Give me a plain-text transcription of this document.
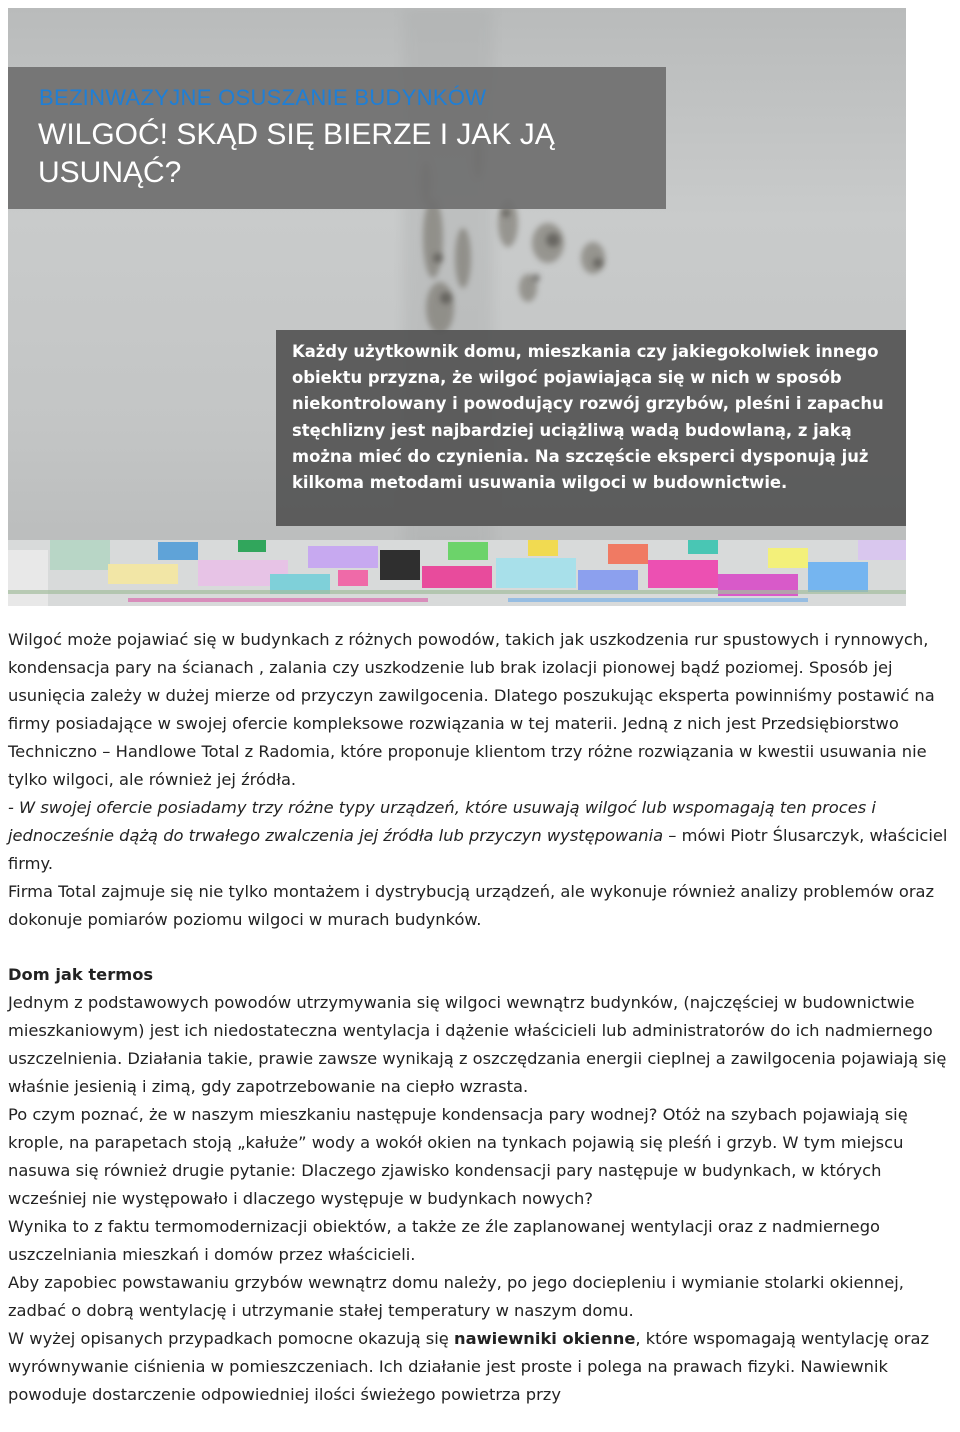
BEZINWAZYJNE OSUSZANIE BUDYNKÓW
WILGOĆ! SKĄD SIĘ BIERZE I JAK JĄ USUNĄĆ?
Każdy użytkownik domu, mieszkania czy jakiegokolwiek innego obiektu przyzna, że wilgoć pojawiająca się w nich w sposób niekontrolowany i powodujący rozwój grzybów, pleśni i zapachu stęchlizny jest najbardziej uciążliwą wadą budowlaną, z jaką można mieć do czynienia. Na szczęście eksperci dysponują już kilkoma metodami usuwania wilgoci w budownictwie.

Wilgoć może pojawiać się w budynkach z różnych powodów, takich jak uszkodzenia rur spustowych i rynnowych, kondensacja pary na ścianach , zalania czy uszkodzenie lub brak izolacji pionowej bądź poziomej. Sposób jej usunięcia zależy w dużej mierze od przyczyn zawilgocenia. Dlatego poszukując eksperta powinniśmy postawić na firmy posiadające w swojej ofercie kompleksowe rozwiązania w tej materii. Jedną z nich jest Przedsiębiorstwo Techniczno – Handlowe Total z Radomia, które proponuje klientom trzy różne rozwiązania w kwestii usuwania nie tylko wilgoci, ale również jej źródła.

- W swojej ofercie posiadamy trzy różne typy urządzeń, które usuwają wilgoć lub wspomagają ten proces i jednocześnie dążą do trwałego zwalczenia jej źródła lub przyczyn występowania – mówi Piotr Ślusarczyk, właściciel firmy.

Firma Total zajmuje się nie tylko montażem i dystrybucją urządzeń, ale wykonuje również analizy problemów oraz dokonuje pomiarów poziomu wilgoci w murach budynków.

Dom jak termos

Jednym z podstawowych powodów utrzymywania się wilgoci wewnątrz budynków, (najczęściej w budownictwie mieszkaniowym) jest ich niedostateczna wentylacja i dążenie właścicieli lub administratorów do ich nadmiernego uszczelnienia. Działania takie, prawie zawsze wynikają z oszczędzania energii cieplnej a zawilgocenia pojawiają się właśnie jesienią i zimą, gdy zapotrzebowanie na ciepło wzrasta.

Po czym poznać, że w naszym mieszkaniu następuje kondensacja pary wodnej? Otóż na szybach pojawiają się krople, na parapetach stoją „kałuże” wody a wokół okien na tynkach pojawią się pleśń i grzyb. W tym miejscu nasuwa się również drugie pytanie: Dlaczego zjawisko kondensacji pary następuje w budynkach, w których wcześniej nie występowało i dlaczego występuje w budynkach nowych?

Wynika to z faktu termomodernizacji obiektów, a także ze źle zaplanowanej wentylacji oraz z nadmiernego uszczelniania mieszkań i domów przez właścicieli.

Aby zapobiec powstawaniu grzybów wewnątrz domu należy, po jego dociepleniu i wymianie stolarki okiennej, zadbać o dobrą wentylację i utrzymanie stałej temperatury w naszym domu.

W wyżej opisanych przypadkach pomocne okazują się nawiewniki okienne, które wspomagają wentylację oraz wyrównywanie ciśnienia w pomieszczeniach. Ich działanie jest proste i polega na prawach fizyki. Nawiewnik powoduje dostarczenie odpowiedniej ilości świeżego powietrza przy
